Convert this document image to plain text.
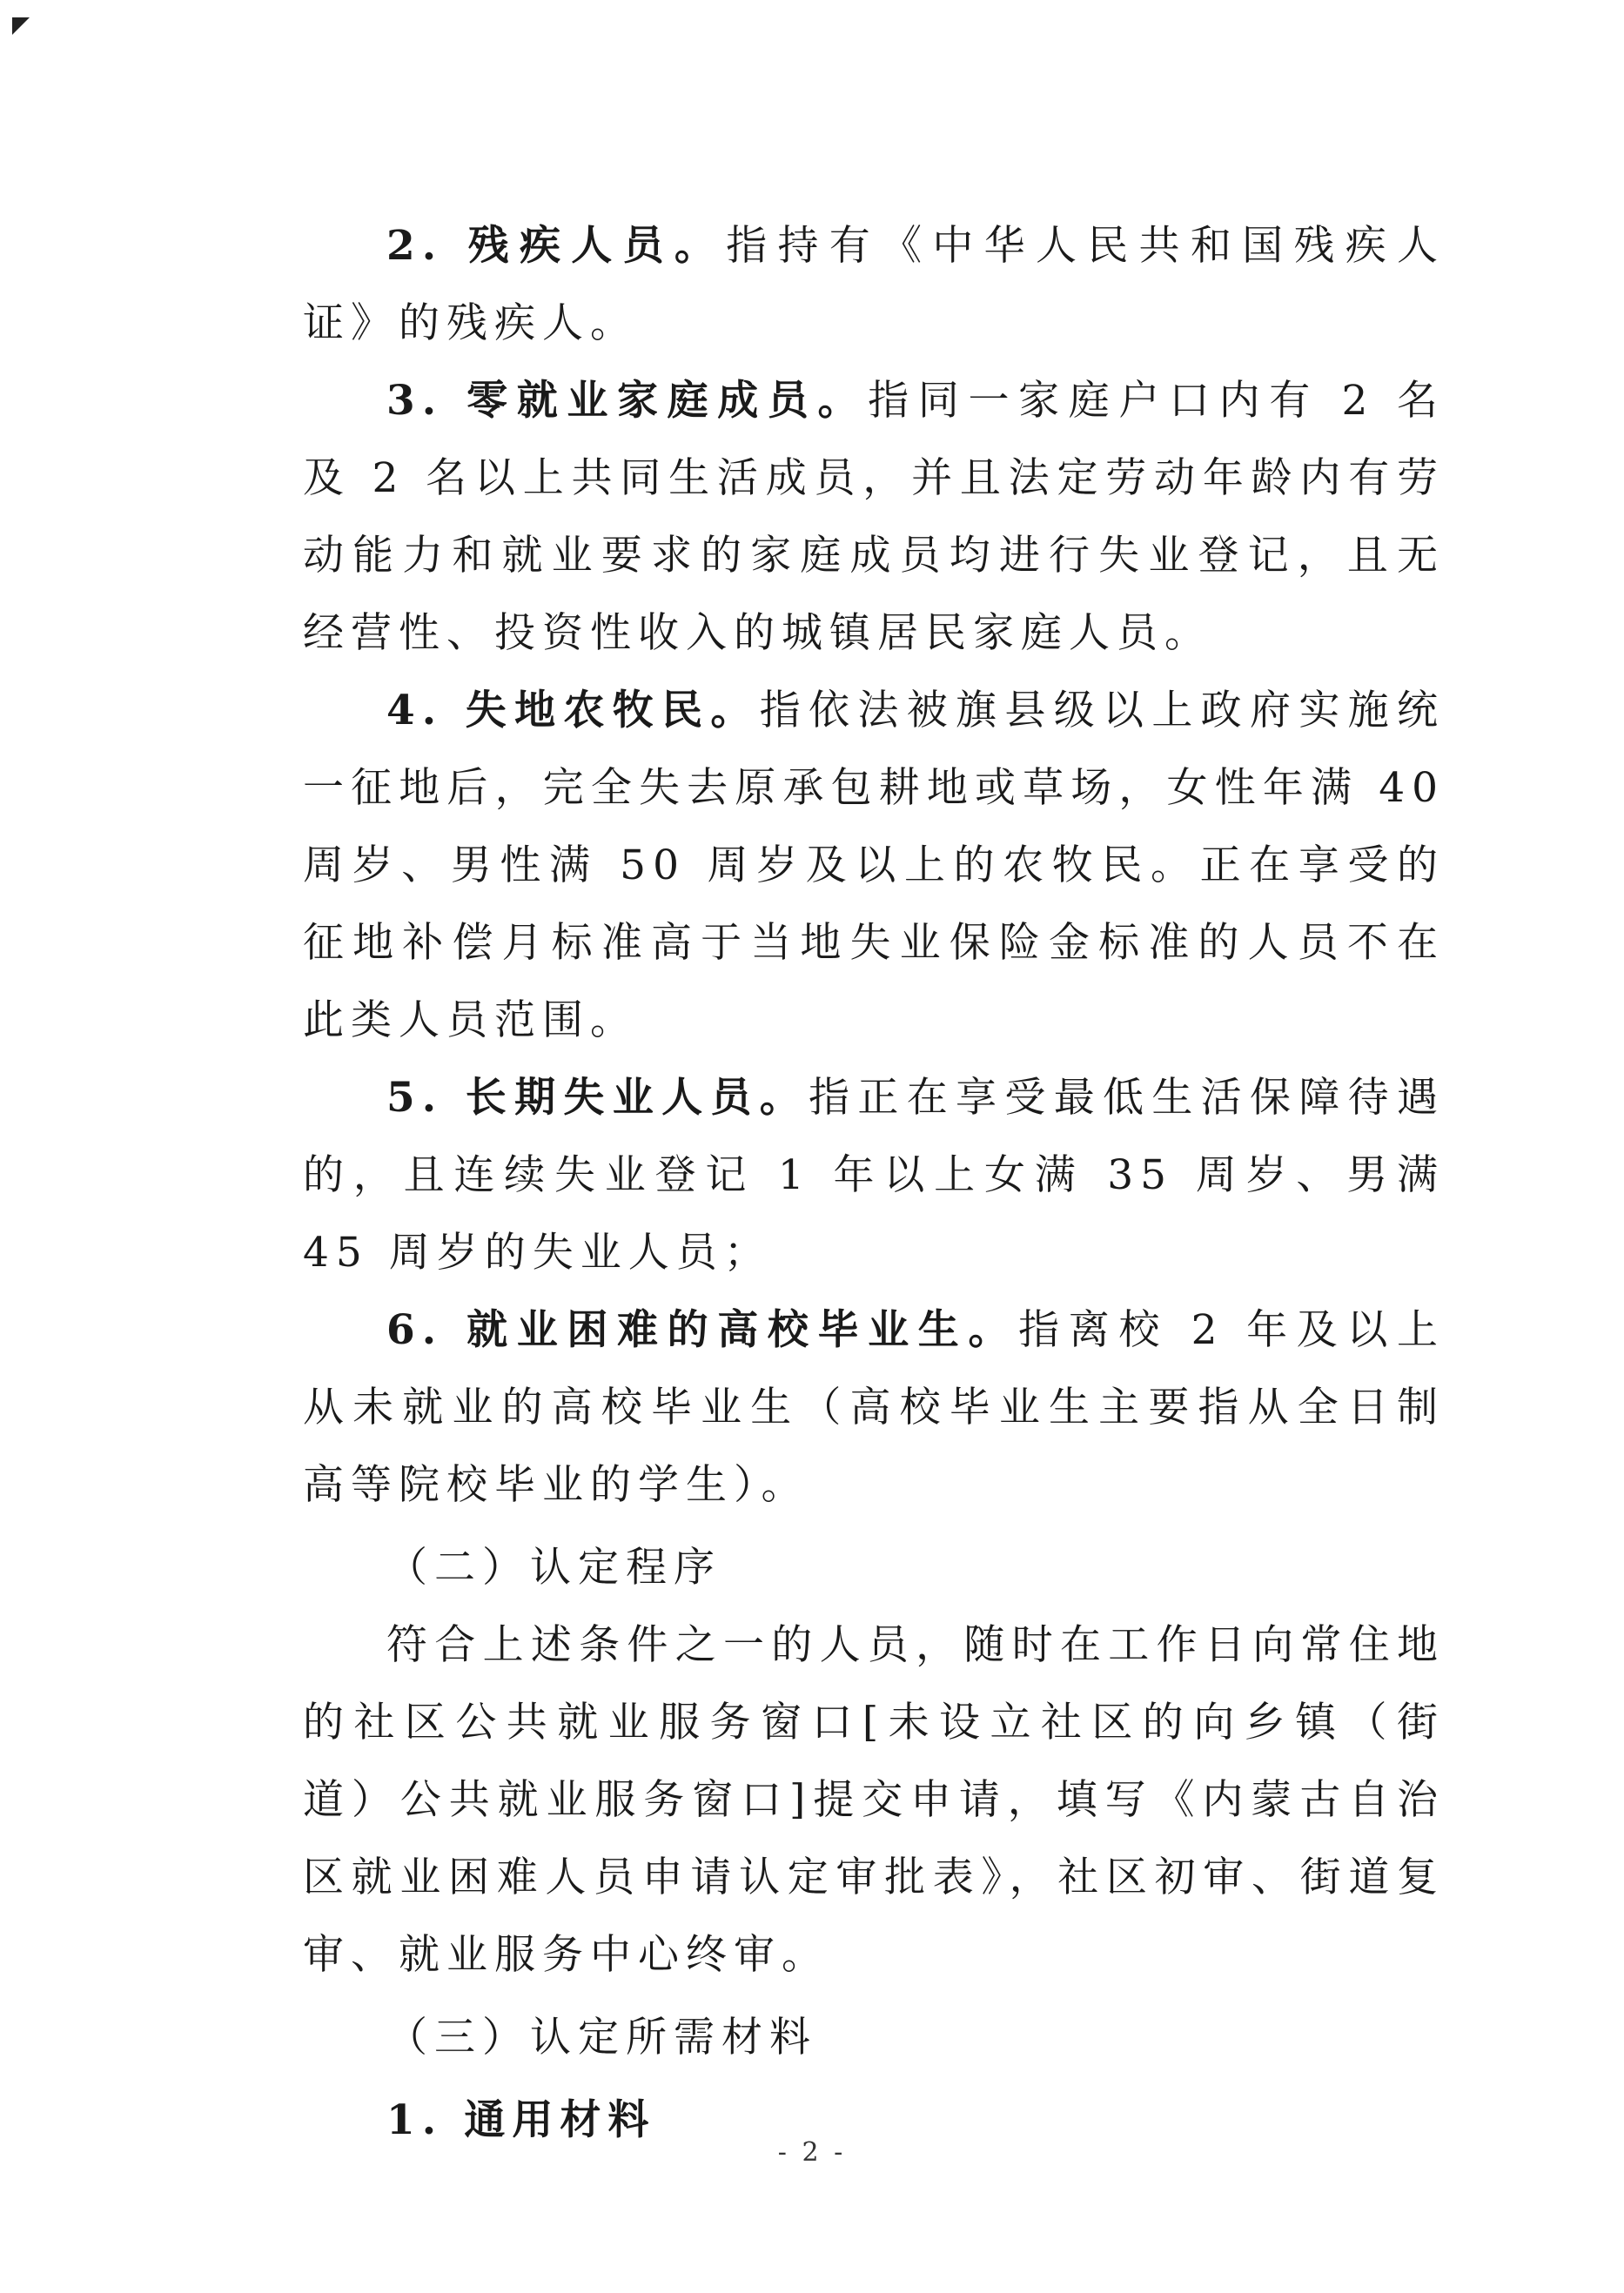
2. 残疾人员。指持有《中华人民共和国残疾人证》的残疾人。

3. 零就业家庭成员。指同一家庭户口内有 2 名及 2 名以上共同生活成员，并且法定劳动年龄内有劳动能力和就业要求的家庭成员均进行失业登记，且无经营性、投资性收入的城镇居民家庭人员。

4. 失地农牧民。指依法被旗县级以上政府实施统一征地后，完全失去原承包耕地或草场，女性年满 40 周岁、男性满 50 周岁及以上的农牧民。正在享受的征地补偿月标准高于当地失业保险金标准的人员不在此类人员范围。

5. 长期失业人员。指正在享受最低生活保障待遇的，且连续失业登记 1 年以上女满 35 周岁、男满 45 周岁的失业人员；

6. 就业困难的高校毕业生。指离校 2 年及以上从未就业的高校毕业生（高校毕业生主要指从全日制高等院校毕业的学生）。

（二）认定程序

符合上述条件之一的人员，随时在工作日向常住地的社区公共就业服务窗口[未设立社区的向乡镇（街道）公共就业服务窗口]提交申请，填写《内蒙古自治区就业困难人员申请认定审批表》，社区初审、街道复审、就业服务中心终审。

（三）认定所需材料

1. 通用材料

- 2 -
